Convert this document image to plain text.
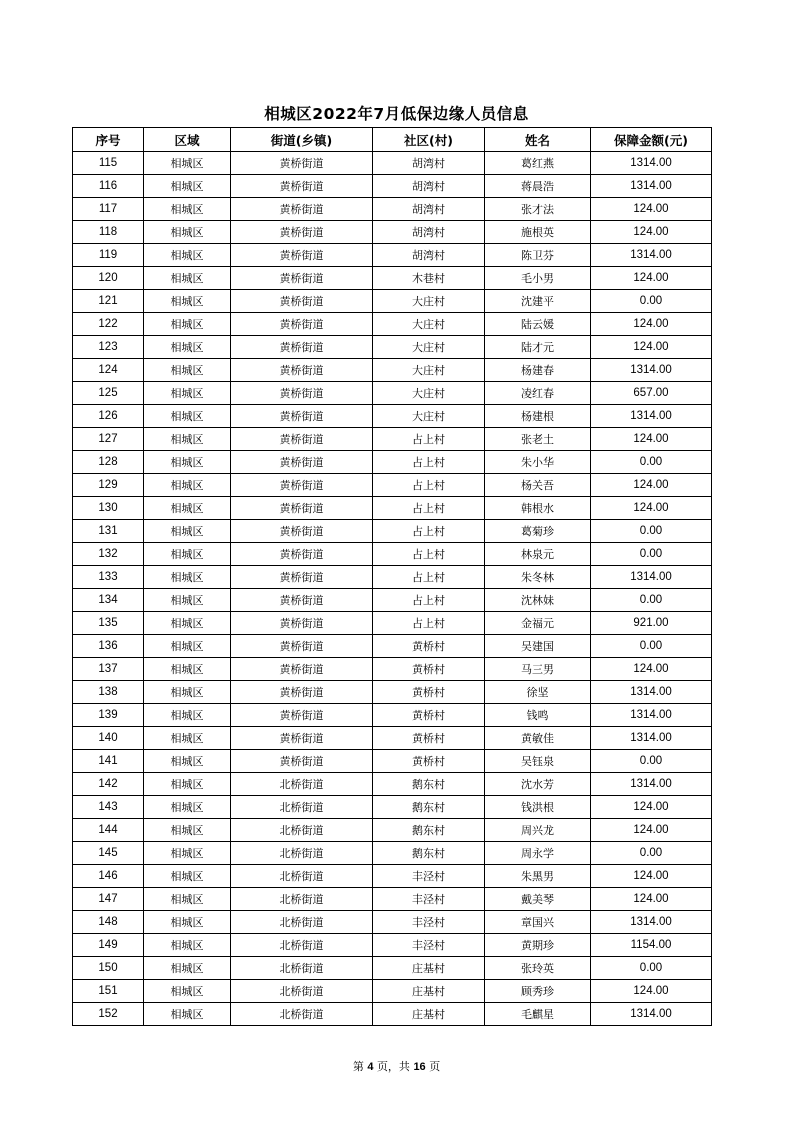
相城区2022年7月低保边缘人员信息
序号	区域	街道(乡镇)	社区(村)	姓名	保障金额(元)
115	相城区	黄桥街道	胡湾村	葛红燕	1314.00
116	相城区	黄桥街道	胡湾村	蒋晨浩	1314.00
117	相城区	黄桥街道	胡湾村	张才法	124.00
118	相城区	黄桥街道	胡湾村	施根英	124.00
119	相城区	黄桥街道	胡湾村	陈卫芬	1314.00
120	相城区	黄桥街道	木巷村	毛小男	124.00
121	相城区	黄桥街道	大庄村	沈建平	0.00
122	相城区	黄桥街道	大庄村	陆云媛	124.00
123	相城区	黄桥街道	大庄村	陆才元	124.00
124	相城区	黄桥街道	大庄村	杨建春	1314.00
125	相城区	黄桥街道	大庄村	凌红春	657.00
126	相城区	黄桥街道	大庄村	杨建根	1314.00
127	相城区	黄桥街道	占上村	张老土	124.00
128	相城区	黄桥街道	占上村	朱小华	0.00
129	相城区	黄桥街道	占上村	杨关吾	124.00
130	相城区	黄桥街道	占上村	韩根水	124.00
131	相城区	黄桥街道	占上村	葛菊珍	0.00
132	相城区	黄桥街道	占上村	林泉元	0.00
133	相城区	黄桥街道	占上村	朱冬林	1314.00
134	相城区	黄桥街道	占上村	沈林妹	0.00
135	相城区	黄桥街道	占上村	金福元	921.00
136	相城区	黄桥街道	黄桥村	吴建国	0.00
137	相城区	黄桥街道	黄桥村	马三男	124.00
138	相城区	黄桥街道	黄桥村	徐坚	1314.00
139	相城区	黄桥街道	黄桥村	钱鸣	1314.00
140	相城区	黄桥街道	黄桥村	黄敏佳	1314.00
141	相城区	黄桥街道	黄桥村	吴钰泉	0.00
142	相城区	北桥街道	鹅东村	沈水芳	1314.00
143	相城区	北桥街道	鹅东村	钱洪根	124.00
144	相城区	北桥街道	鹅东村	周兴龙	124.00
145	相城区	北桥街道	鹅东村	周永学	0.00
146	相城区	北桥街道	丰泾村	朱黑男	124.00
147	相城区	北桥街道	丰泾村	戴美琴	124.00
148	相城区	北桥街道	丰泾村	章国兴	1314.00
149	相城区	北桥街道	丰泾村	黄期珍	1154.00
150	相城区	北桥街道	庄基村	张玲英	0.00
151	相城区	北桥街道	庄基村	顾秀珍	124.00
152	相城区	北桥街道	庄基村	毛麒星	1314.00
第 4 页，共 16 页
